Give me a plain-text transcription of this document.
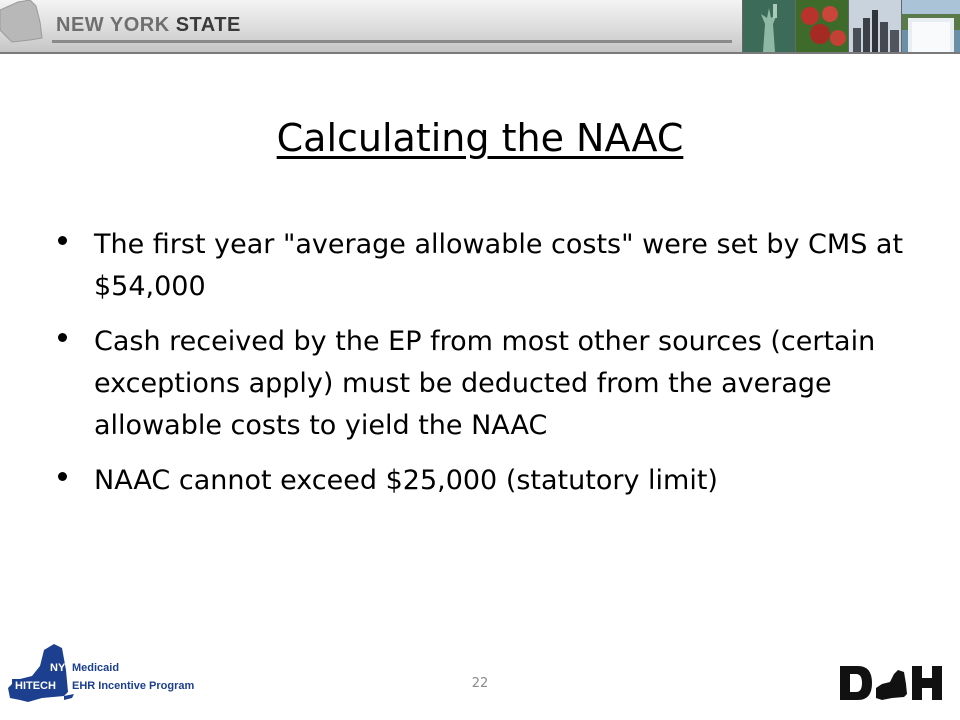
NEW YORK STATE
Calculating the NAAC
The first year "average allowable costs" were set by CMS at $54,000
Cash received by the EP from most other sources (certain exceptions apply) must be deducted from the average allowable costs to yield the NAAC
NAAC cannot exceed $25,000 (statutory limit)
NY Medicaid
HITECH EHR Incentive Program	22
